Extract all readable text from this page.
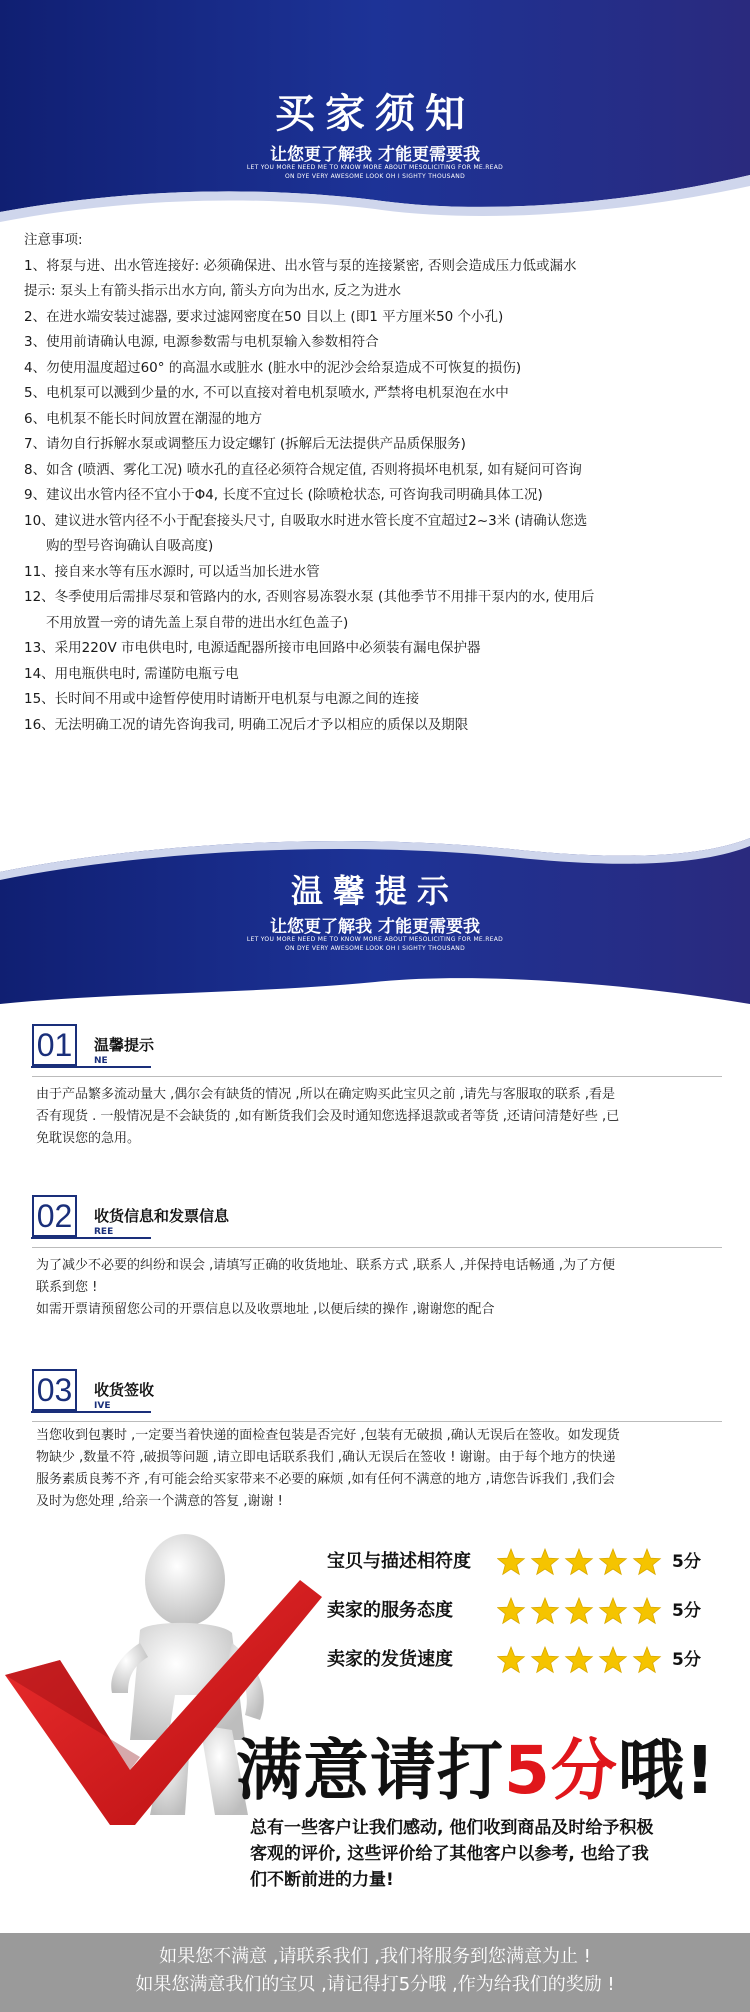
买家须知
让您更了解我 才能更需要我
LET YOU MORE NEED ME TO KNOW MORE ABOUT MESOLICITING FOR ME.READ
ON DYE VERY AWESOME LOOK OH I SIGHTY THOUSAND
注意事项:
1、将泵与进、出水管连接好: 必须确保进、出水管与泵的连接紧密, 否则会造成压力低或漏水
提示: 泵头上有箭头指示出水方向, 箭头方向为出水, 反之为进水
2、在进水端安装过滤器, 要求过滤网密度在50 目以上 (即1 平方厘米50 个小孔)
3、使用前请确认电源, 电源参数需与电机泵输入参数相符合
4、勿使用温度超过60° 的高温水或脏水 (脏水中的泥沙会给泵造成不可恢复的损伤)
5、电机泵可以溅到少量的水, 不可以直接对着电机泵喷水, 严禁将电机泵泡在水中
6、电机泵不能长时间放置在潮湿的地方
7、请勿自行拆解水泵或调整压力设定螺钉 (拆解后无法提供产品质保服务)
8、如含 (喷洒、雾化工况) 喷水孔的直径必须符合规定值, 否则将损坏电机泵, 如有疑问可咨询
9、建议出水管内径不宜小于Φ4, 长度不宜过长 (除喷枪状态, 可咨询我司明确具体工况)
10、建议进水管内径不小于配套接头尺寸, 自吸取水时进水管长度不宜超过2~3米 (请确认您选
购的型号咨询确认自吸高度)
11、接自来水等有压水源时, 可以适当加长进水管
12、冬季使用后需排尽泵和管路内的水, 否则容易冻裂水泵 (其他季节不用排干泵内的水, 使用后
不用放置一旁的请先盖上泵自带的进出水红色盖子)
13、采用220V 市电供电时, 电源适配器所接市电回路中必须装有漏电保护器
14、用电瓶供电时, 需谨防电瓶亏电
15、长时间不用或中途暂停使用时请断开电机泵与电源之间的连接
16、无法明确工况的请先咨询我司, 明确工况后才予以相应的质保以及期限
温馨提示
让您更了解我 才能更需要我
LET YOU MORE NEED ME TO KNOW MORE ABOUT MESOLICITING FOR ME.READ
ON DYE VERY AWESOME LOOK OH I SIGHTY THOUSAND
01	温馨提示
NE

由于产品繁多流动量大 ,偶尔会有缺货的情况 ,所以在确定购买此宝贝之前 ,请先与客服取的联系 ,看是

否有现货 . 一般情况是不会缺货的 ,如有断货我们会及时通知您选择退款或者等货 ,还请问清楚好些 ,已

免耽误您的急用。

02	收货信息和发票信息
REE

为了减少不必要的纠纷和误会 ,请填写正确的收货地址、联系方式 ,联系人 ,并保持电话畅通 ,为了方便

联系到您 !

如需开票请预留您公司的开票信息以及收票地址 ,以便后续的操作 ,谢谢您的配合

03	收货签收
IVE

当您收到包裹时 ,一定要当着快递的面检查包装是否完好 ,包装有无破损 ,确认无误后在签收。如发现货

物缺少 ,数量不符 ,破损等问题 ,请立即电话联系我们 ,确认无误后在签收 ! 谢谢。由于每个地方的快递

服务素质良莠不齐 ,有可能会给买家带来不必要的麻烦 ,如有任何不满意的地方 ,请您告诉我们 ,我们会

及时为您处理 ,给亲一个满意的答复 ,谢谢 !

宝贝与描述相符度	5分
卖家的服务态度	5分
卖家的发货速度	5分
满意请打5分哦!

总有一些客户让我们感动, 他们收到商品及时给予积极

客观的评价, 这些评价给了其他客户以参考, 也给了我

们不断前进的力量!

如果您不满意 ,请联系我们 ,我们将服务到您满意为止 !

如果您满意我们的宝贝 ,请记得打5分哦 ,作为给我们的奖励 !
